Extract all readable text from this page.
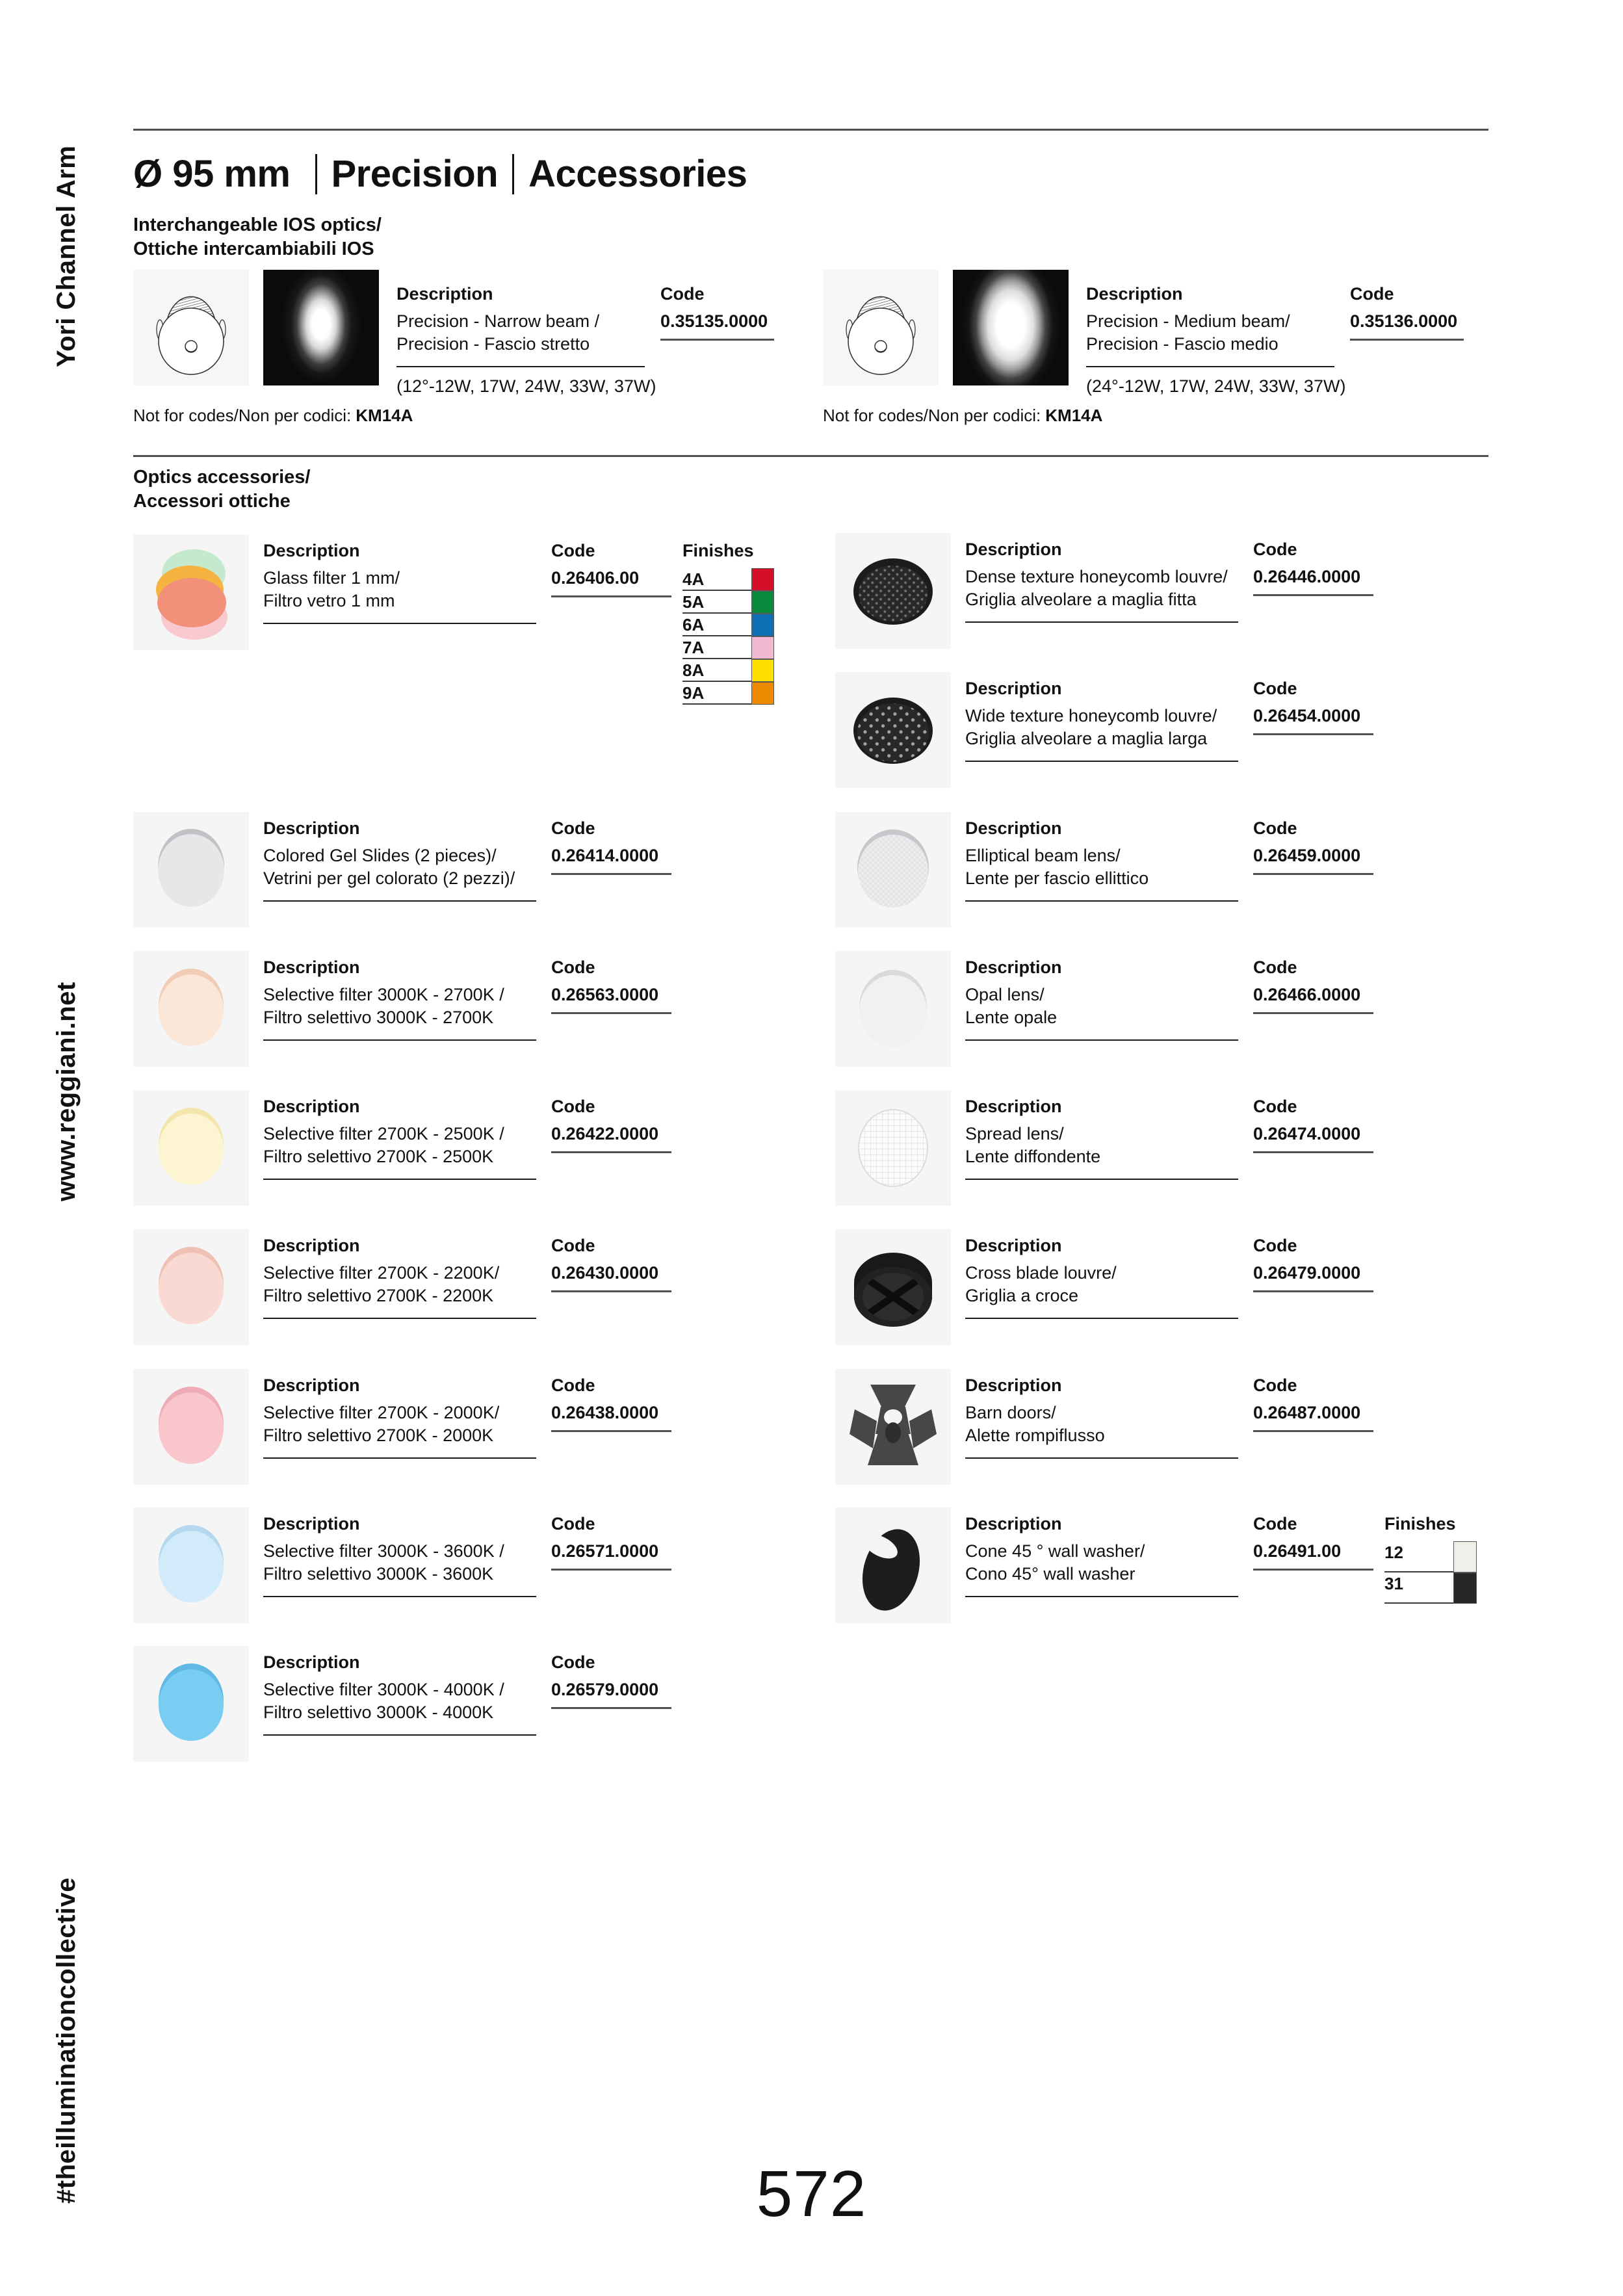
Yori Channel Arm
www.reggiani.net
#theilluminationcollective
Ø 95 mm Precision Accessories
Interchangeable IOS optics/
Ottiche intercambiabili IOS
Description
Precision - Narrow beam /
Precision - Fascio stretto
(12°-12W, 17W, 24W, 33W, 37W)
Code
0.35135.0000
Description
Precision - Medium beam/
Precision - Fascio medio
(24°-12W, 17W, 24W, 33W, 37W)
Code
0.35136.0000
Not for codes/Non per codici: KM14A	Not for codes/Non per codici: KM14A
Optics accessories/
Accessori ottiche
Description
Glass filter 1 mm/
Filtro vetro 1 mm
Code
0.26406.00
Finishes
4A
5A
6A
7A
8A
9A
Description
Colored Gel Slides (2 pieces)/
Vetrini per gel colorato (2 pezzi)/
Code
0.26414.0000
Description
Selective filter 3000K - 2700K /
Filtro selettivo 3000K - 2700K
Code
0.26563.0000
Description
Selective filter 2700K - 2500K /
Filtro selettivo 2700K - 2500K
Code
0.26422.0000
Description
Selective filter 2700K - 2200K/
Filtro selettivo 2700K - 2200K
Code
0.26430.0000
Description
Selective filter 2700K - 2000K/
Filtro selettivo 2700K - 2000K
Code
0.26438.0000
Description
Selective filter 3000K - 3600K /
Filtro selettivo 3000K - 3600K
Code
0.26571.0000
Description
Selective filter 3000K - 4000K /
Filtro selettivo 3000K - 4000K
Code
0.26579.0000
Description
Dense texture honeycomb louvre/
Griglia alveolare a maglia fitta
Code
0.26446.0000
Description
Wide texture honeycomb louvre/
Griglia alveolare a maglia larga
Code
0.26454.0000
Description
Elliptical beam lens/
Lente per fascio ellittico
Code
0.26459.0000
Description
Opal lens/
Lente opale
Code
0.26466.0000
Description
Spread lens/
Lente diffondente
Code
0.26474.0000
Description
Cross blade louvre/
Griglia a croce
Code
0.26479.0000
Description
Barn doors/
Alette rompiflusso
Code
0.26487.0000
Description
Cone 45 ° wall washer/
Cono 45° wall washer
Code
0.26491.00
Finishes
12
31
572
